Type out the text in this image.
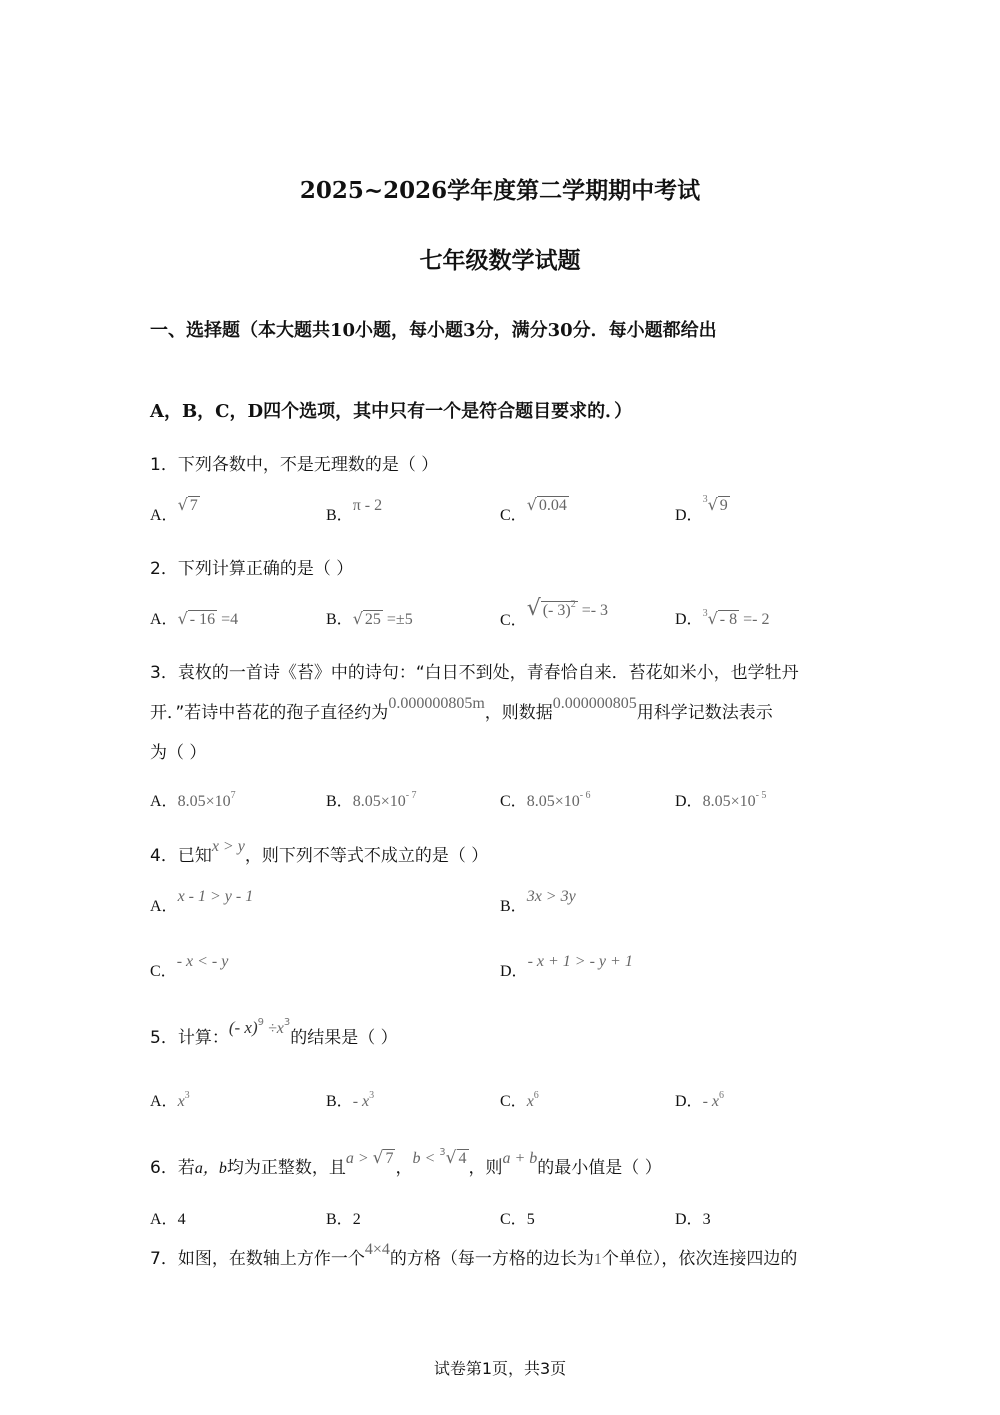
2025~2026学年度第二学期期中考试
七年级数学试题
一、选择题（本大题共10小题，每小题3分，满分30分．每小题都给出
A，B，C，D四个选项，其中只有一个是符合题目要求的．）
1．下列各数中，不是无理数的是（ ）
A．√ 7
B．π - 2
C．√ 0.04
D．$^3$√ 9
2．下列计算正确的是（ ）
A．√ - 16 =4	B．√ 25 =±5	C．√ (- 3)$^2$ =- 3
D．$^3$√ - 8 =- 2
3．袁枚的一首诗《苔》中的诗句：“白日不到处，青春恰自来．苔花如米小，也学牡丹
开．”若诗中苔花的孢子直径约为0.000000805m，则数据0.000000805用科学记数法表示
为（ ）
A．$8.05\times 10^7$	B．$8.05\times 10^{- 7}$	C．$8.05\times 10^{- 6}$	D．$8.05\times 10^{- 5}$
4．已知x > y，则下列不等式不成立的是（ ）
A．x - 1 > y - 1
B．3x > 3y
C．- x < - y
D．- x + 1 > - y + 1
5．计算：(- $x)^9 \div x^3$的结果是（ ）
A．$x^3$	B．- $x^3$	C．$x^6$	D．- $x^6$
6．若a，b均为正整数，且a > √ 7 ，b < $^3$√ 4 ，则a + b的最小值是（ ）
A．4	B．2	C．5	D．3
7．如图，在数轴上方作一个4×4的方格（每一方格的边长为1个单位），依次连接四边的
试卷第1页，共3页
